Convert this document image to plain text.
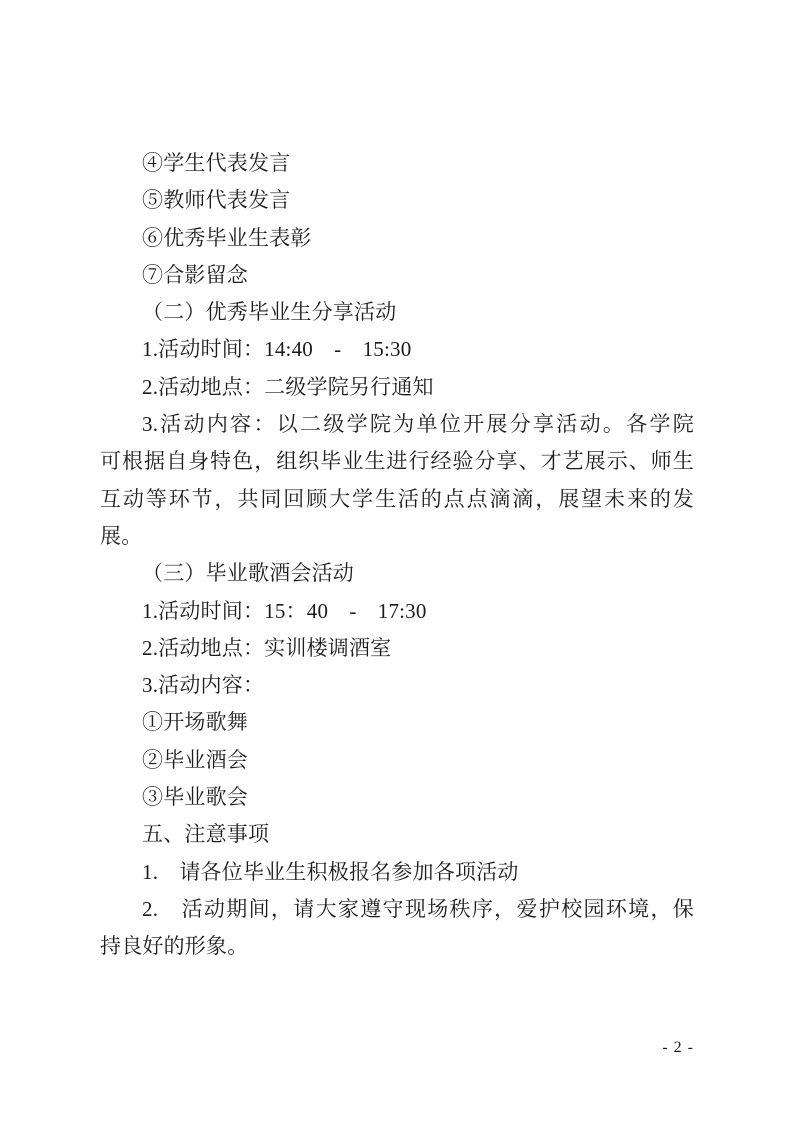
④学生代表发言
⑤教师代表发言
⑥优秀毕业生表彰
⑦合影留念
（二）优秀毕业生分享活动
1.活动时间：14:40　-　15:30
2.活动地点：二级学院另行通知
3.活动内容：以二级学院为单位开展分享活动。各学院
可根据自身特色，组织毕业生进行经验分享、才艺展示、师生
互动等环节，共同回顾大学生活的点点滴滴，展望未来的发
展。
（三）毕业歌酒会活动
1.活动时间：15：40　-　17:30
2.活动地点：实训楼调酒室
3.活动内容：
①开场歌舞
②毕业酒会
③毕业歌会
五、注意事项
1.　请各位毕业生积极报名参加各项活动
2.　活动期间，请大家遵守现场秩序，爱护校园环境，保
持良好的形象。
- 2 -
